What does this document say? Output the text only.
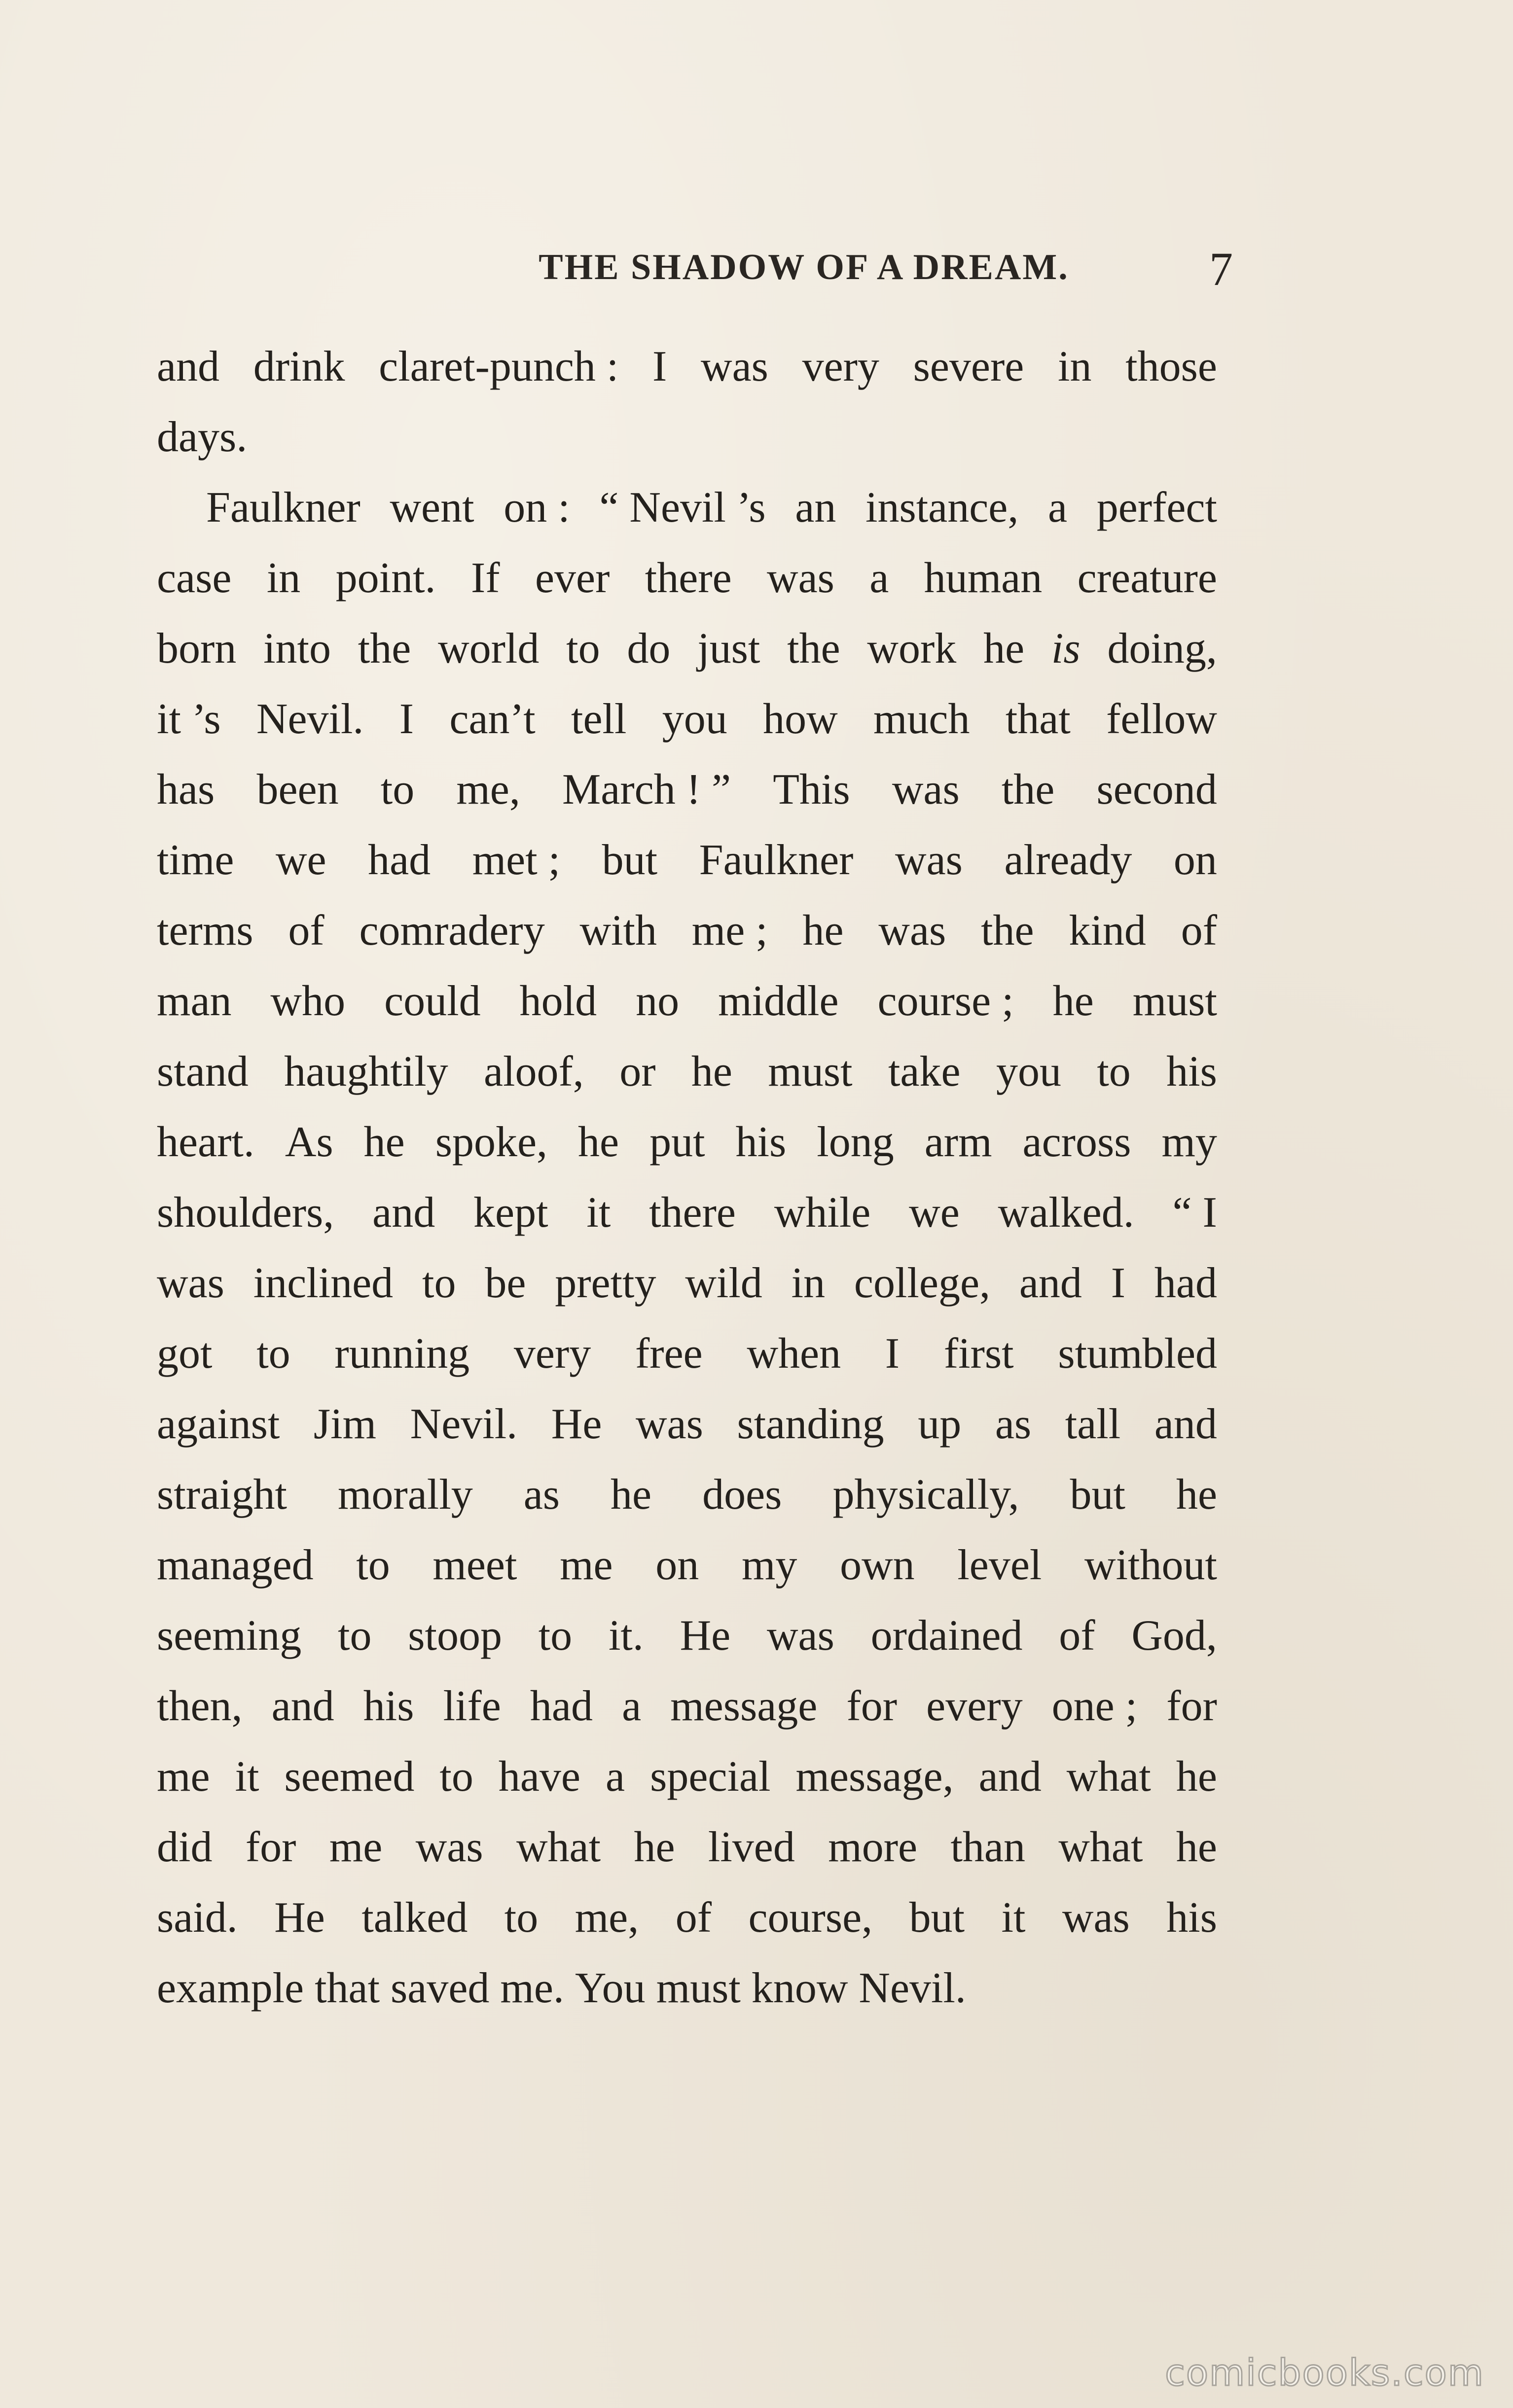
THE SHADOW OF A DREAM.	7
and drink claret-punch : I was very severe in those
days.
Faulkner went on : “ Nevil ’s an instance, a perfect
case in point. If ever there was a human creature
born into the world to do just the work he is doing,
it ’s Nevil. I can’t tell you how much that fellow
has been to me, March ! ” This was the second
time we had met ; but Faulkner was already on
terms of comradery with me ; he was the kind of
man who could hold no middle course ; he must
stand haughtily aloof, or he must take you to his
heart. As he spoke, he put his long arm across my
shoulders, and kept it there while we walked. “ I
was inclined to be pretty wild in college, and I had
got to running very free when I first stumbled
against Jim Nevil. He was standing up as tall and
straight morally as he does physically, but he
managed to meet me on my own level without
seeming to stoop to it. He was ordained of God,
then, and his life had a message for every one ; for
me it seemed to have a special message, and what he
did for me was what he lived more than what he
said. He talked to me, of course, but it was his
example that saved me. You must know Nevil.
comicbooks.com
